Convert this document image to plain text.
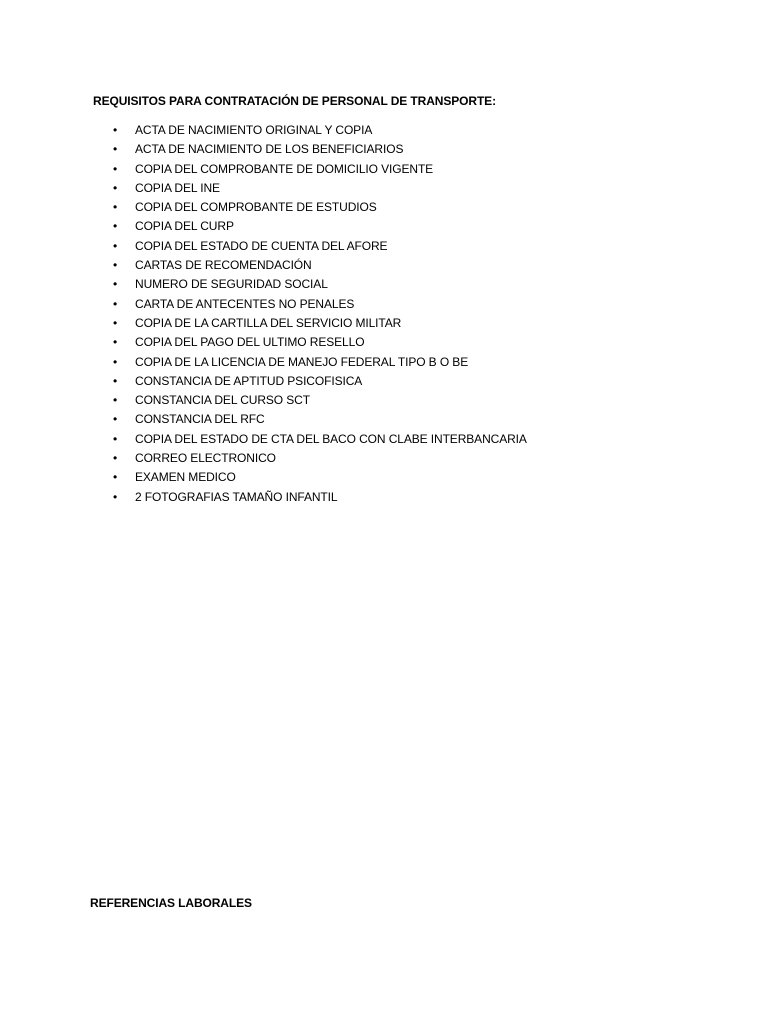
REQUISITOS PARA CONTRATACIÓN DE PERSONAL DE TRANSPORTE:
• ACTA DE NACIMIENTO ORIGINAL Y COPIA
• ACTA DE NACIMIENTO DE LOS BENEFICIARIOS
• COPIA DEL COMPROBANTE DE DOMICILIO VIGENTE
• COPIA DEL INE
• COPIA DEL COMPROBANTE DE ESTUDIOS
• COPIA DEL CURP
• COPIA DEL ESTADO DE CUENTA DEL AFORE
• CARTAS DE RECOMENDACIÓN
• NUMERO DE SEGURIDAD SOCIAL
• CARTA DE ANTECENTES NO PENALES
• COPIA DE LA CARTILLA DEL SERVICIO MILITAR
• COPIA DEL PAGO DEL ULTIMO RESELLO
• COPIA DE LA LICENCIA DE MANEJO FEDERAL TIPO B O BE
• CONSTANCIA DE APTITUD PSICOFISICA
• CONSTANCIA DEL CURSO SCT
• CONSTANCIA DEL RFC
• COPIA DEL ESTADO DE CTA DEL BACO CON CLABE INTERBANCARIA
• CORREO ELECTRONICO
• EXAMEN MEDICO
• 2 FOTOGRAFIAS TAMAÑO INFANTIL
REFERENCIAS LABORALES
